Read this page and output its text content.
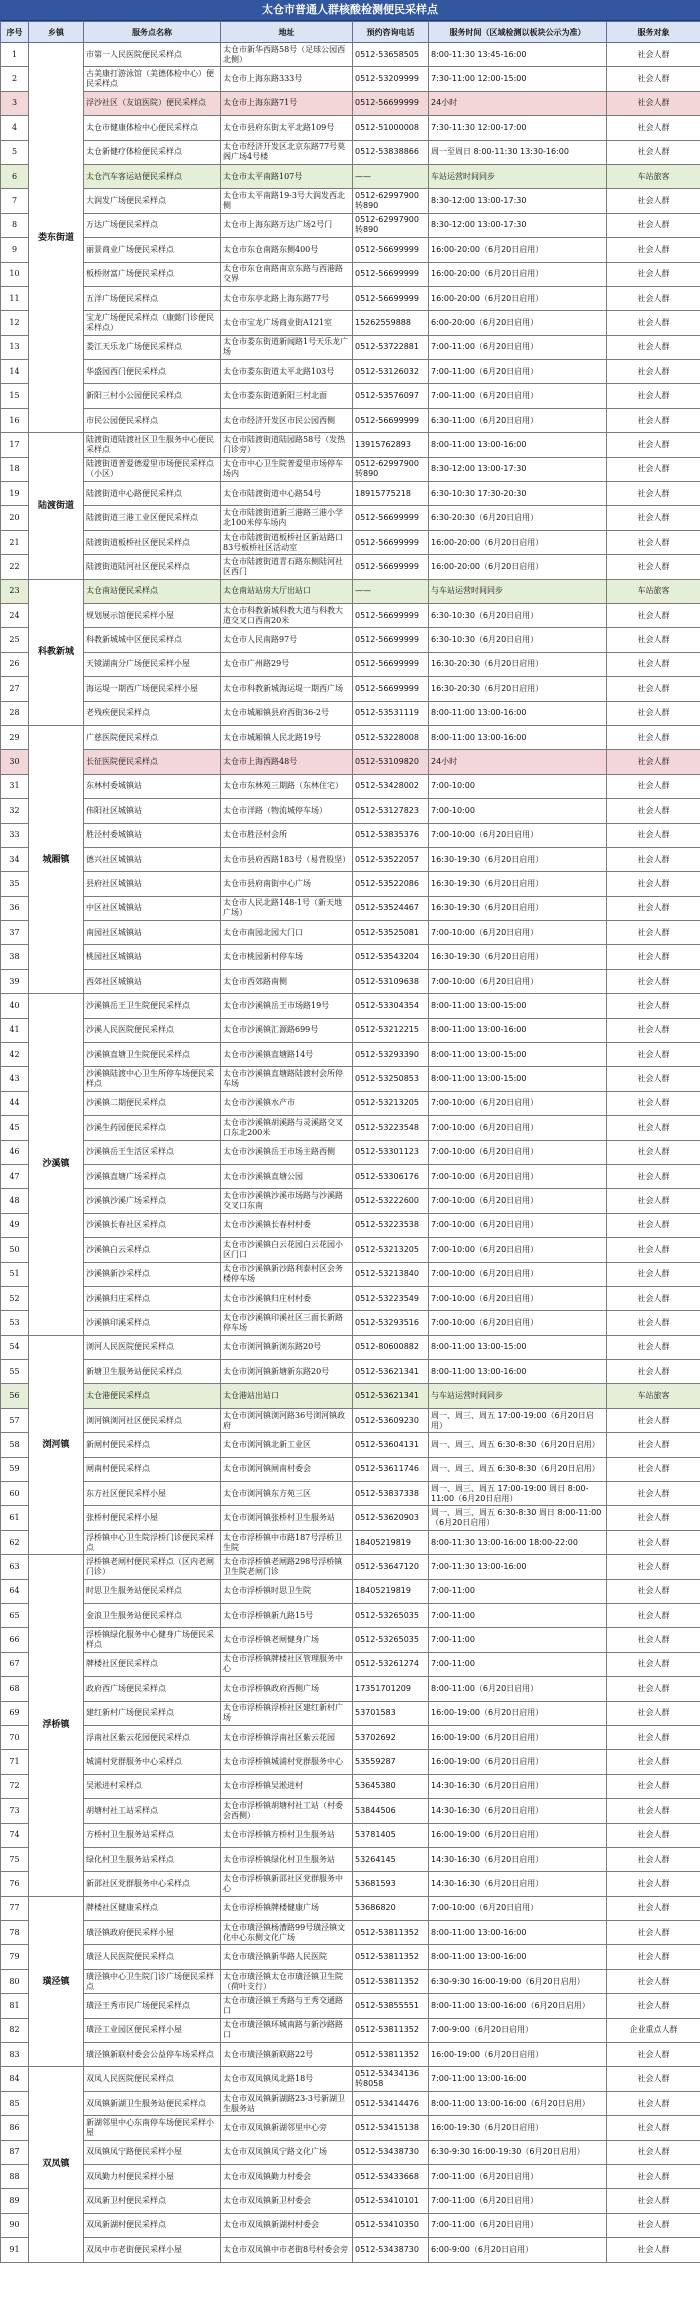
太仓市普通人群核酸检测便民采样点
序号	乡镇	服务点名称	地址	预约咨询电话	服务时间（区域检测以板块公示为准）	服务对象
1	娄东街道	市第一人民医院便民采样点	太仓市新华西路58号（足球公园西北侧）	0512-53658505	8:00-11:30 13:45-16:00	社会人群
2		古美康打游泳馆（美德体检中心）便民采样点	太仓市上海东路333号	0512-53209999	7:30-11:00 12:00-15:00	社会人群
3		浮沙社区（友谊医院）便民采样点	太仓市上海东路71号	0512-56699999	24小时	社会人群
4		太仓市健康体检中心便民采样点	太仓市县府东街太平北路109号	0512-51000008	7:30-11:30 12:00-17:00	社会人群
5		太仓新健疗体检便民采样点	太仓市经济开发区北京东路77号莫阁广场4号楼	0512-53838866	周一至周日 8:00-11:30 13:30-16:00	社会人群
6		太仓汽车客运站便民采样点	太仓市太平南路107号	——	车站运营时间同步	车站旅客
7		大润发广场便民采样点	太仓市太平南路19-3号大润发西北侧	0512-62997900转890	8:30-12:00 13:00-17:30	社会人群
8		万达广场便民采样点	太仓市上海东路万达广场2号门	0512-62997900转890	8:30-12:00 13:00-17:30	社会人群
9		丽景商业广场便民采样点	太仓市东仓南路东侧400号	0512-56699999	16:00-20:00（6月20日启用）	社会人群
10		板桥财富广场便民采样点	太仓市东仓南路南京东路与西港路交界	0512-56699999	16:00-20:00（6月20日启用）	社会人群
11		五洋广场便民采样点	太仓市东亭北路上海东路77号	0512-56699999	16:00-20:00（6月20日启用）	社会人群
12		宝龙广场便民采样点（康懿门诊便民采样点）	太仓市宝龙广场商业街A121室	15262559888	6:00-20:00（6月20日启用）	社会人群
13		娄江天乐龙广场便民采样点	太仓市娄东街道新闻路1号天乐龙广场	0512-53722881	7:00-11:00（6月20日启用）	社会人群
14		华盛园西门便民采样点	太仓市娄东街道太平北路103号	0512-53126032	7:00-11:00（6月20日启用）	社会人群
15		新阳三村小公园便民采样点	太仓市娄东街道新阳三村北面	0512-53576097	7:00-11:00（6月20日启用）	社会人群
16		市民公园便民采样点	太仓市经济开发区市民公园西侧	0512-56699999	6:30-11:00（6月20日启用）	社会人群
17	陆渡街道	陆渡街道陆渡社区卫生服务中心便民采样点	太仓市陆渡街道陆园路58号（发热门诊旁）	13915762893	8:00-11:00 13:00-16:00	社会人群
18		陆渡街道普爱德爱里市场便民采样点（小区）	太仓市中心卫生院普爱里市场停车场内	0512-62997900转890	8:30-12:00 13:00-17:30	社会人群
19		陆渡街道中心路便民采样点	太仓市陆渡街道中心路54号	18915775218	6:30-10:30 17:30-20:30	社会人群
20		陆渡街道三港工业区便民采样点	太仓市陆渡街道新三港路三港小学北100米停车场内	0512-56699999	6:30-20:30（6月20日启用）	社会人群
21		陆渡街道板桥社区便民采样点	太仓市陆渡街道板桥社区新站路口83号板桥社区活动室	0512-56699999	16:00-20:00（6月20日启用）	社会人群
22		陆渡街道陆河社区便民采样点	太仓市陆渡街道青石路东侧陆河社区西门	0512-56699999	16:00-20:00（6月20日启用）	社会人群
23	科教新城	太仓南站便民采样点	太仓南站站房大厅出站口	——	与车站运营时间同步	车站旅客
24		规划展示馆便民采样小屋	太仓市科教新城科教大道与科教大道交叉口西南20米	0512-56699999	6:30-10:30（6月20日启用）	社会人群
25		科教新城城中区便民采样点	太仓市人民南路97号	0512-56699999	6:30-10:30（6月20日启用）	社会人群
26		天镜湖南分广场便民采样小屋	太仓市广州路29号	0512-56699999	16:30-20:30（6月20日启用）	社会人群
27		海运堤一期西广场便民采样小屋	太仓市科教新城海运堤一期西广场	0512-56699999	16:30-20:30（6月20日启用）	社会人群
28		老残疾便民采样点	太仓市城厢镇县府西街36-2号	0512-53531119	8:00-11:00 13:00-16:00	社会人群
29	城厢镇	广慈医院便民采样点	太仓市城厢镇人民北路19号	0512-53228008	8:00-11:00 13:00-16:00	社会人群
30		长征医院便民采样点	太仓市上海西路48号	0512-53109820	24小时	社会人群
31		东林村委城镇站	太仓市东林苑三期路（东林住宅）	0512-53428002	7:00-10:00	社会人群
32		伟阳社区城镇站	太仓市洋路（物流城停车场）	0512-53127823	7:00-10:00	社会人群
33		胜泾村委城镇站	太仓市胜泾村会所	0512-53835376	7:00-10:00（6月20日启用）	社会人群
34		德兴社区城镇站	太仓市县府西路183号（易背股坚）	0512-53522057	16:30-19:30（6月20日启用）	社会人群
35		县府社区城镇站	太仓市县府南街中心广场	0512-53522086	16:30-19:30（6月20日启用）	社会人群
36		中区社区城镇站	太仓市人民北路148-1号（新天地广场）	0512-53524467	16:30-19:30（6月20日启用）	社会人群
37		南园社区城镇站	太仓市南园北园大门口	0512-53525081	7:00-10:00（6月20日启用）	社会人群
38		桃园社区城镇站	太仓市桃园新村停车场	0512-53543204	16:30-19:30（6月20日启用）	社会人群
39		西郊社区城镇站	太仓市西郊路南侧	0512-53109638	7:00-10:00（6月20日启用）	社会人群
40	沙溪镇	沙溪镇岳王卫生院便民采样点	太仓市沙溪镇岳王市场路19号	0512-53304354	8:00-11:00 13:00-15:00	社会人群
41		沙溪人民医院便民采样点	太仓市沙溪镇汇源路699号	0512-53212215	8:00-11:00 13:00-16:00	社会人群
42		沙溪镇直塘卫生院便民采样点	太仓市沙溪镇直塘路14号	0512-53293390	8:00-11:00 13:00-15:00	社会人群
43		沙溪镇陆渡中心卫生所停车场便民采样点	太仓市沙溪镇直塘路陆渡村会所停车场	0512-53250853	8:00-11:00 13:00-15:00	社会人群
44		沙溪镇二期便民采样点	太仓市沙溪镇水产市	0512-53213205	7:00-10:00（6月20日启用）	社会人群
45		沙溪生药园便民采样点	太仓市沙溪镇胡溪路与灵溪路交叉口东北200米	0512-53223548	7:00-10:00（6月20日启用）	社会人群
46		沙溪镇岳王生活区采样点	太仓市沙溪镇岳王市场主路西侧	0512-53301123	7:00-10:00（6月20日启用）	社会人群
47		沙溪镇直塘广场采样点	太仓市沙溪镇直塘公园	0512-53306176	7:00-10:00（6月20日启用）	社会人群
48		沙溪镇沙溪广场采样点	太仓市沙溪镇沙溪市场路与沙溪路交叉口东南	0512-53222600	7:00-10:00（6月20日启用）	社会人群
49		沙溪镇长春社区采样点	太仓市沙溪镇长春村村委	0512-53223538	7:00-10:00（6月20日启用）	社会人群
50		沙溪镇白云采样点	太仓市沙溪镇白云花园白云花园小区门口	0512-53213205	7:00-10:00（6月20日启用）	社会人群
51		沙溪镇新沙采样点	太仓市沙溪镇新沙路利泰村区会务楼停车场	0512-53213840	7:00-10:00（6月20日启用）	社会人群
52		沙溪镇归庄采样点	太仓市沙溪镇归庄村村委	0512-53223549	7:00-10:00（6月20日启用）	社会人群
53		沙溪镇印溪采样点	太仓市沙溪镇印溪社区三面长新路停车场	0512-53293516	7:00-10:00（6月20日启用）	社会人群
54	浏河镇	浏河人民医院便民采样点	太仓市浏河镇新浏东路20号	0512-80600882	8:00-11:00 13:00-15:00	社会人群
55		新塘卫生服务站便民采样点	太仓市浏河镇新塘新东路20号	0512-53621341	8:00-11:00 13:00-16:00	社会人群
56		太仓港便民采样点	太仓港站出站口	0512-53621341	与车站运营时间同步	车站旅客
57		浏河镇浏河社区便民采样点	太仓市浏河镇浏河路36号浏河镇政府	0512-53609230	周一、周三、周五 17:00-19:00（6月20日启用）	社会人群
58		新闸村便民采样点	太仓市浏河镇北新工业区	0512-53604131	周一、周三、周五 6:30-8:30（6月20日启用）	社会人群
59		闸南村便民采样点	太仓市浏河镇闸南村委会	0512-53611746	周一、周三、周五 6:30-8:30（6月20日启用）	社会人群
60		东方社区便民采样小屋	太仓市浏河镇东方苑三区	0512-53837338	周一、周三、周五 17:00-19:00 周日 8:00-11:00（6月20日启用）	社会人群
61		张桥村便民采样小屋	太仓市浏河镇张桥村卫生服务站	0512-53620903	周一、周三、周五 6:30-8:30 周日 8:00-11:00（6月20日启用）	社会人群
62		浮桥镇中心卫生院浮桥门诊便民采样点	太仓市浮桥镇中市路187号浮桥卫生院	18405219819	8:00-11:30 13:00-16:00 18:00-22:00	社会人群
63	浮桥镇	浮桥镇老闸村便民采样点（区内老闸门诊）	太仓市浮桥镇老闸路298号浮桥镇卫生院老闸门诊	0512-53647120	7:00-11:30 13:00-16:00	社会人群
64		时思卫生服务站便民采样点	太仓市浮桥镇时思卫生院	18405219819	7:00-11:00	社会人群
65		金浪卫生服务站便民采样点	太仓市浮桥镇新九路15号	0512-53265035	7:00-11:00	社会人群
66		浮桥镇绿化服务中心健身广场便民采样点	太仓市浮桥镇老闸健身广场	0512-53265035	7:00-11:00	社会人群
67		牌楼社区便民采样点	太仓市浮桥镇牌楼社区管理服务中心	0512-53261274	7:00-11:00	社会人群
68		政府西广场便民采样点	太仓市浮桥镇政府西侧广场	17351701209	8:00-11:00（6月20日启用）	社会人群
69		建红新村广场便民采样点	太仓市浮桥镇浮桥社区建红新村广场	53701583	16:00-19:00（6月20日启用）	社会人群
70		浮南社区紫云花园便民采样点	太仓市浮桥镇浮南社区紫云花园	53702692	16:00-19:00（6月20日启用）	社会人群
71		城浦村党群服务中心采样点	太仓市浮桥镇城浦村党群服务中心	53559287	16:00-19:00（6月20日启用）	社会人群
72		吴淞进村采样点	太仓市浮桥镇吴淞进村	53645380	14:30-16:30（6月20日启用）	社会人群
73		胡塘村社工站采样点	太仓市浮桥镇胡塘村社工站（村委会西侧）	53844506	14:30-16:30（6月20日启用）	社会人群
74		方桥村卫生服务站采样点	太仓市浮桥镇方桥村卫生服务站	53781405	16:00-19:00（6月20日启用）	社会人群
75		绿化村卫生服务站采样点	太仓市浮桥镇绿化村卫生服务站	53264145	14:30-16:30（6月20日启用）	社会人群
76		新邵社区党群服务中心采样点	太仓市浮桥镇新邵社区党群服务中心	53681593	14:30-16:30（6月20日启用）	社会人群
77	璜泾镇	牌楼社区健康采样点	太仓市浮桥镇牌楼健康广场	53686820	7:00-10:00（6月20日启用）	社会人群
78		璜泾镇政府便民采样小屋	太仓市璜泾镇杨漕路99号璜泾镇文化中心东侧文化广场	0512-53811352	8:00-11:00 13:00-16:00	社会人群
79		璜泾人民医院便民采样点	太仓市璜泾镇新华路人民医院	0512-53811352	8:00-11:00 13:00-16:00	社会人群
80		璜泾镇中心卫生院门诊广场便民采样点	太仓市璜泾镇太仓市璜泾镇卫生院（荷叶支行）	0512-53811352	6:30-9:30 16:00-19:00（6月20日启用）	社会人群
81		璜泾王秀市民广场便民采样点	太仓市璜泾镇王秀路与王秀交通路口	0512-53855551	8:00-11:00 13:00-16:00（6月20日启用）	社会人群
82		璜泾工业园区便民采样小屋	太仓市璜泾镇环城南路与新沙路路口	0512-53811352	7:00-9:00（6月20日启用）	企业重点人群
83		璜泾镇新联村委会公益停车场采样点	太仓市璜泾镇新联路22号	0512-53811352	16:00-19:00（6月20日启用）	社会人群
84	双凤镇	双凤人民医院便民采样点	太仓市双凤镇凤北路18号	0512-53434136转8058	7:00-11:00 13:00-16:00	社会人群
85		双凤镇新湖卫生服务站便民采样点	太仓市双凤镇新湖路23-3号新湖卫生服务站	0512-53414476	8:00-11:00 13:00-16:00（6月20日启用）	社会人群
86		新湖邻里中心东南停车场便民采样小屋	太仓市双凤镇新湖邻里中心旁	0512-53415138	16:00-19:30（6月20日启用）	社会人群
87		双凤镇凤宁路便民采样小屋	太仓市双凤镇凤宁路文化广场	0512-53438730	6:30-9:30 16:00-19:30（6月20日启用）	社会人群
88		双凤勤力村便民采样小屋	太仓市双凤镇勤力村委会	0512-53433668	7:00-11:00（6月20日启用）	社会人群
89		双凤新卫村便民采样点	太仓市双凤镇新卫村委会	0512-53410101	7:00-11:00（6月20日启用）	社会人群
90		双凤新湖村便民采样点	太仓市双凤镇新湖村村委会	0512-53410350	7:00-11:00（6月20日启用）	社会人群
91		双凤中市老街便民采样小屋	太仓市双凤镇中市老街8号村委会旁	0512-53438730	6:00-9:00（6月20日启用）	社会人群
